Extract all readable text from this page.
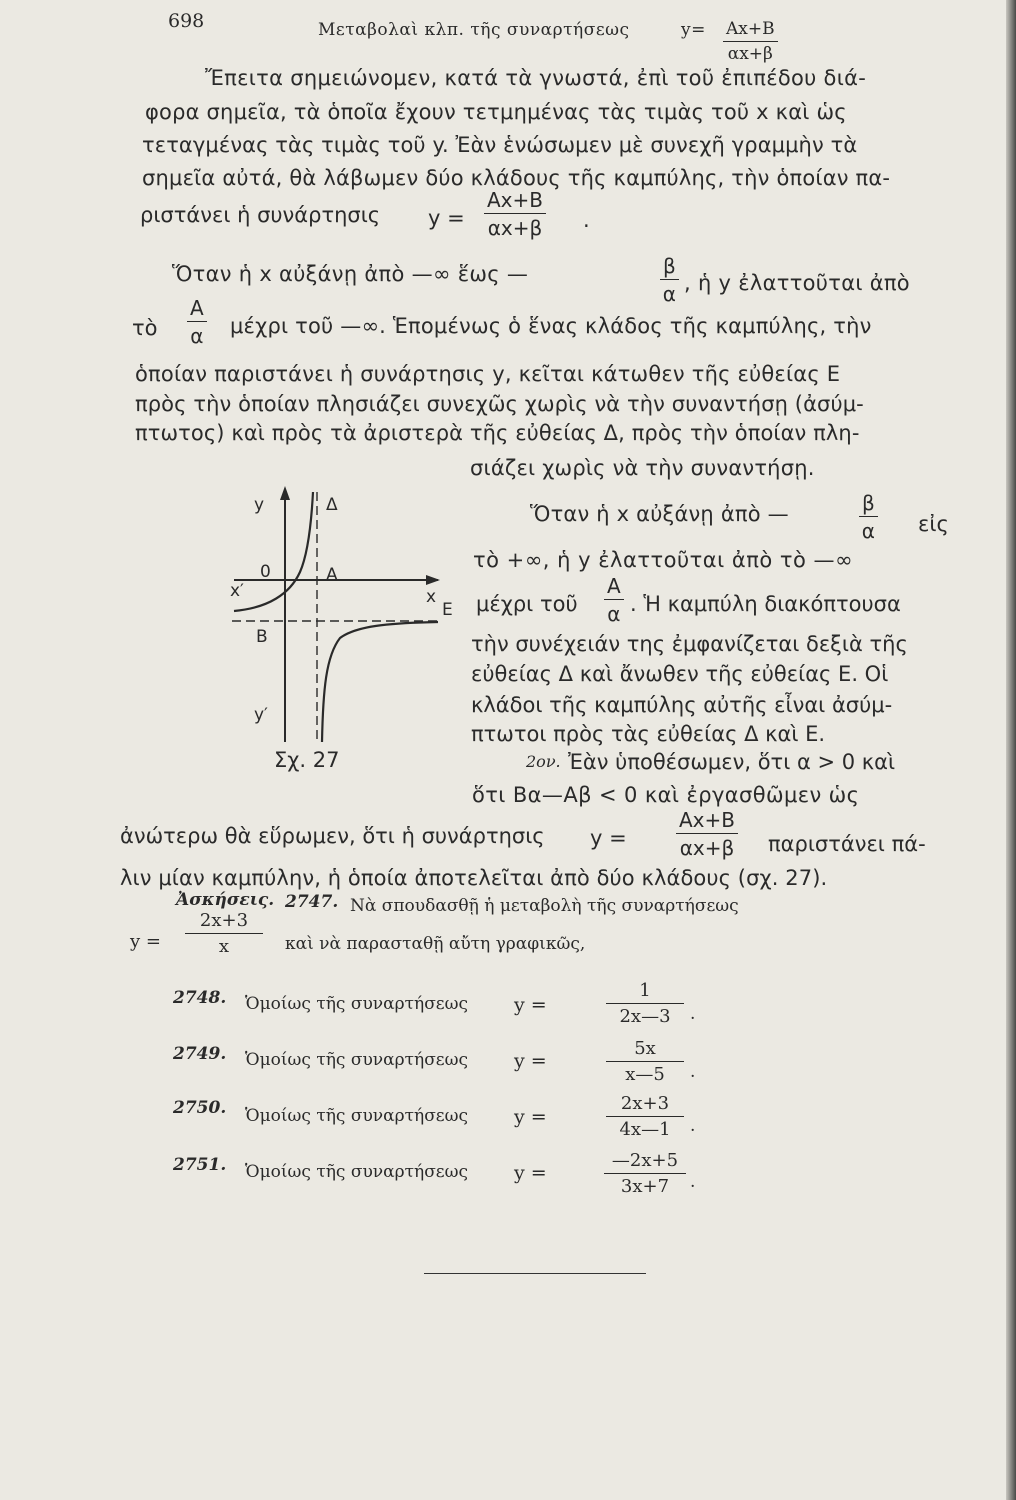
698	Μεταβολαὶ κλπ. τῆς συναρτήσεως	$y= \frac{Ax+B}{\alpha x+\beta}$
Ἔπειτα σημειώνομεν, κατά τὰ γνωστά, ἐπὶ τοῦ ἐπιπέδου διά-
φορα σημεῖα, τὰ ὁποῖα ἔχουν τετμημένας τὰς τιμὰς τοῦ x καὶ ὡς
τεταγμένας τὰς τιμὰς τοῦ y. Ἐὰν ἑνώσωμεν μὲ συνεχῆ γραμμὴν τὰ
σημεῖα αὐτά, θὰ λάβωμεν δύο κλάδους τῆς καμπύλης, τὴν ὁποίαν πα-
ριστάνει ἡ συνάρτησις $y = \frac{Ax+B}{\alpha x+\beta}$ ·
Ὅταν ἡ x αὐξάνῃ ἀπὸ —∞ ἕως —	$\frac{\beta}{\alpha}$ , ἡ y ἐλαττοῦται ἀπὸ
τὸ $\frac{A}{\alpha}$ μέχρι τοῦ —∞. Ἑπομένως ὁ ἕνας κλάδος τῆς καμπύλης, τὴν
ὁποίαν παριστάνει ἡ συνάρτησις y, κεῖται κάτωθεν τῆς εὐθείας E
πρὸς τὴν ὁποίαν πλησιάζει συνεχῶς χωρὶς νὰ τὴν συναντήσῃ (ἀσύμ-
πτωτος) καὶ πρὸς τὰ ἀριστερὰ τῆς εὐθείας Δ, πρὸς τὴν ὁποίαν πλη-
σιάζει χωρὶς νὰ τὴν συναντήσῃ.
y	Δ
0	A
x′	x
E
B
y′
Σχ. 27
Ὅταν ἡ x αὐξάνῃ ἀπὸ —	$\frac{\beta}{\alpha}$ εἰς
τὸ +∞, ἡ y ἐλαττοῦται ἀπὸ τὸ —∞
μέχρι τοῦ $\frac{A}{\alpha}$ . Ἡ καμπύλη διακόπτουσα
τὴν συνέχειάν της ἐμφανίζεται δεξιὰ τῆς
εὐθείας Δ καὶ ἄνωθεν τῆς εὐθείας E. Οἱ
κλάδοι τῆς καμπύλης αὐτῆς εἶναι ἀσύμ-
πτωτοι πρὸς τὰς εὐθείας Δ καὶ E.
2ον. Ἐὰν ὑποθέσωμεν, ὅτι α > 0 καὶ
ὅτι Bα—Aβ < 0 καὶ ἐργασθῶμεν ὡς
ἀνώτερω θὰ εὕρωμεν, ὅτι ἡ συνάρτησις $y = \frac{Ax+B}{\alpha x+\beta}$ παριστάνει πά-
λιν μίαν καμπύλην, ἡ ὁποία ἀποτελεῖται ἀπὸ δύο κλάδους (σχ. 27).
Ἀσκήσεις. 2747. Νὰ σπουδασθῇ ἡ μεταβολὴ τῆς συναρτήσεως
$y = \frac{2x+3}{x}$ καὶ νὰ παρασταθῇ αὔτη γραφικῶς,
2748. Ὁμοίως τῆς συναρτήσεως y =	$\frac{1}{2x—3}$ .
2749. Ὁμοίως τῆς συναρτήσεως y =	$\frac{5x}{x—5}$ .
2750. Ὁμοίως τῆς συναρτήσεως y =	$\frac{2x+3}{4x—1}$ .
2751. Ὁμοίως τῆς συναρτήσεως y =	$\frac{—2x+5}{3x+7}$ .
